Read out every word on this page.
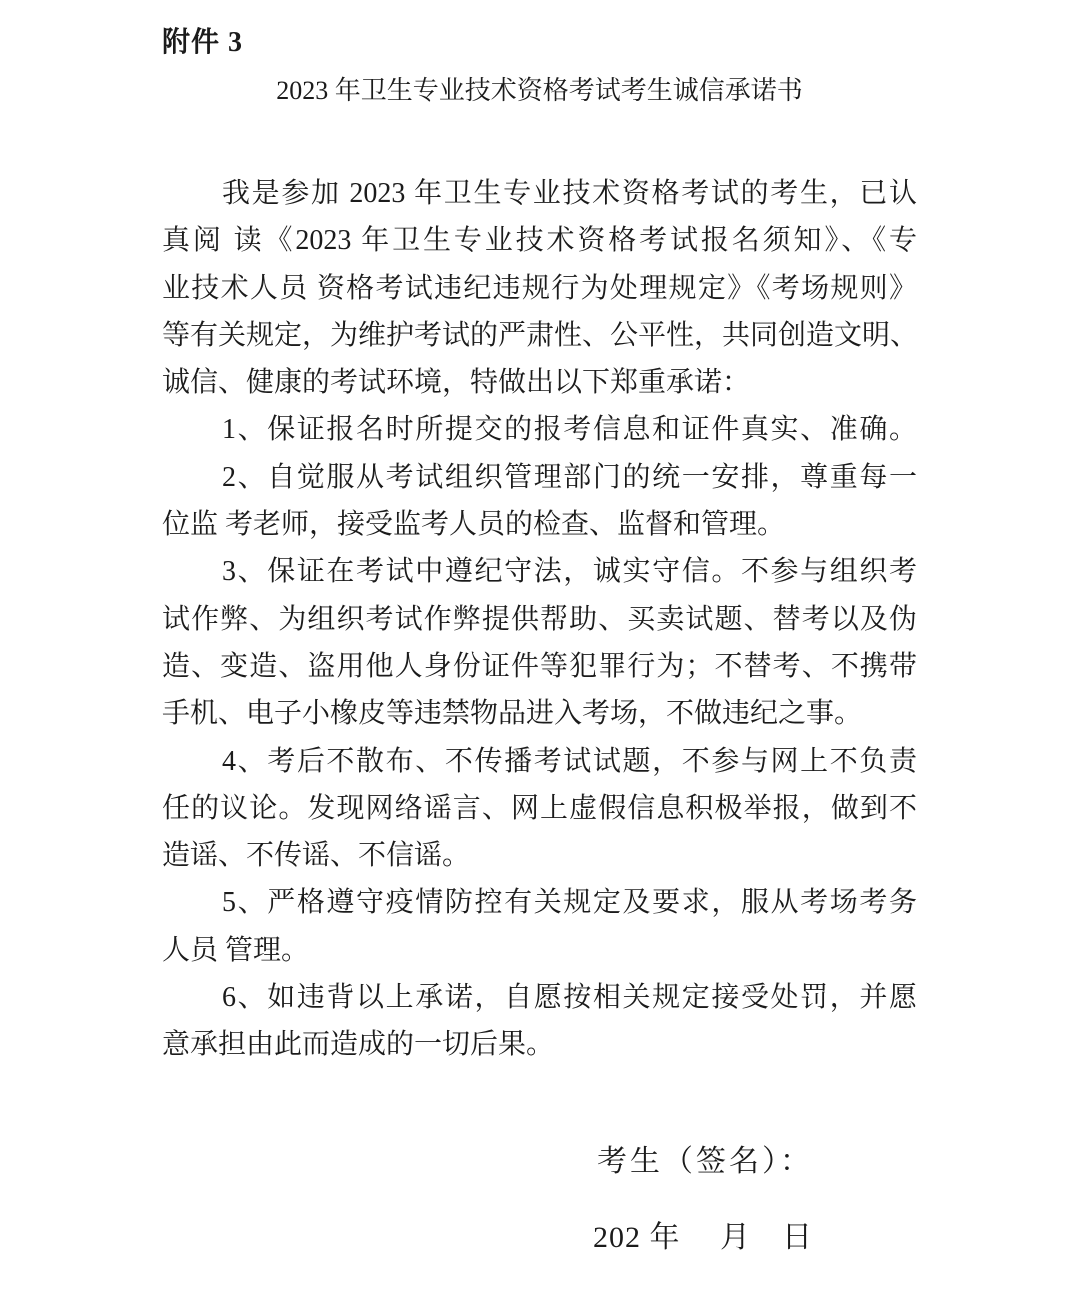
附件 3
2023 年卫生专业技术资格考试考生诚信承诺书
我是参加 2023 年卫生专业技术资格考试的考生，已认
真阅 读《2023 年卫生专业技术资格考试报名须知》、《专
业技术人员 资格考试违纪违规行为处理规定》《考场规则》
等有关规定，为维护考试的严肃性、公平性，共同创造文明、
诚信、健康的考试环境，特做出以下郑重承诺：
1、保证报名时所提交的报考信息和证件真实、准确。
2、自觉服从考试组织管理部门的统一安排，尊重每一
位监 考老师，接受监考人员的检查、监督和管理。
3、保证在考试中遵纪守法，诚实守信。不参与组织考
试作弊、为组织考试作弊提供帮助、买卖试题、替考以及伪
造、变造、盗用他人身份证件等犯罪行为；不替考、不携带
手机、电子小橡皮等违禁物品进入考场，不做违纪之事。
4、考后不散布、不传播考试试题，不参与网上不负责
任的议论。发现网络谣言、网上虚假信息积极举报，做到不
造谣、不传谣、不信谣。
5、严格遵守疫情防控有关规定及要求，服从考场考务
人员 管理。
6、如违背以上承诺，自愿按相关规定接受处罚，并愿
意承担由此而造成的一切后果。
考生（签名）：
202 年　 月　日
